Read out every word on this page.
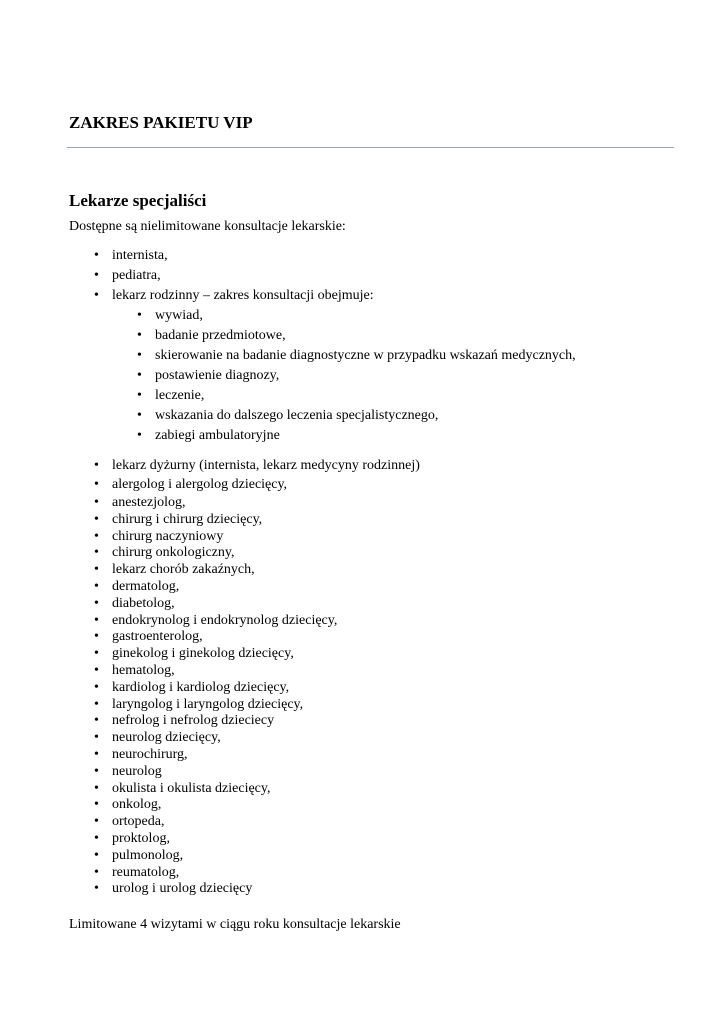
ZAKRES PAKIETU VIP
Lekarze specjaliści

Dostępne są nielimitowane konsultacje lekarskie:

• internista,
• pediatra,
• lekarz rodzinny – zakres konsultacji obejmuje:
• wywiad,
• badanie przedmiotowe,
• skierowanie na badanie diagnostyczne w przypadku wskazań medycznych,
• postawienie diagnozy,
• leczenie,
• wskazania do dalszego leczenia specjalistycznego,
• zabiegi ambulatoryjne
• lekarz dyżurny (internista, lekarz medycyny rodzinnej)
• alergolog i alergolog dziecięcy,
• anestezjolog,
• chirurg i chirurg dziecięcy,
• chirurg naczyniowy
• chirurg onkologiczny,
• lekarz chorób zakaźnych,
• dermatolog,
• diabetolog,
• endokrynolog i endokrynolog dziecięcy,
• gastroenterolog,
• ginekolog i ginekolog dziecięcy,
• hematolog,
• kardiolog i kardiolog dziecięcy,
• laryngolog i laryngolog dziecięcy,
• nefrolog i nefrolog dzieciecy
• neurolog dziecięcy,
• neurochirurg,
• neurolog
• okulista i okulista dziecięcy,
• onkolog,
• ortopeda,
• proktolog,
• pulmonolog,
• reumatolog,
• urolog i urolog dziecięcy

Limitowane 4 wizytami w ciągu roku konsultacje lekarskie
